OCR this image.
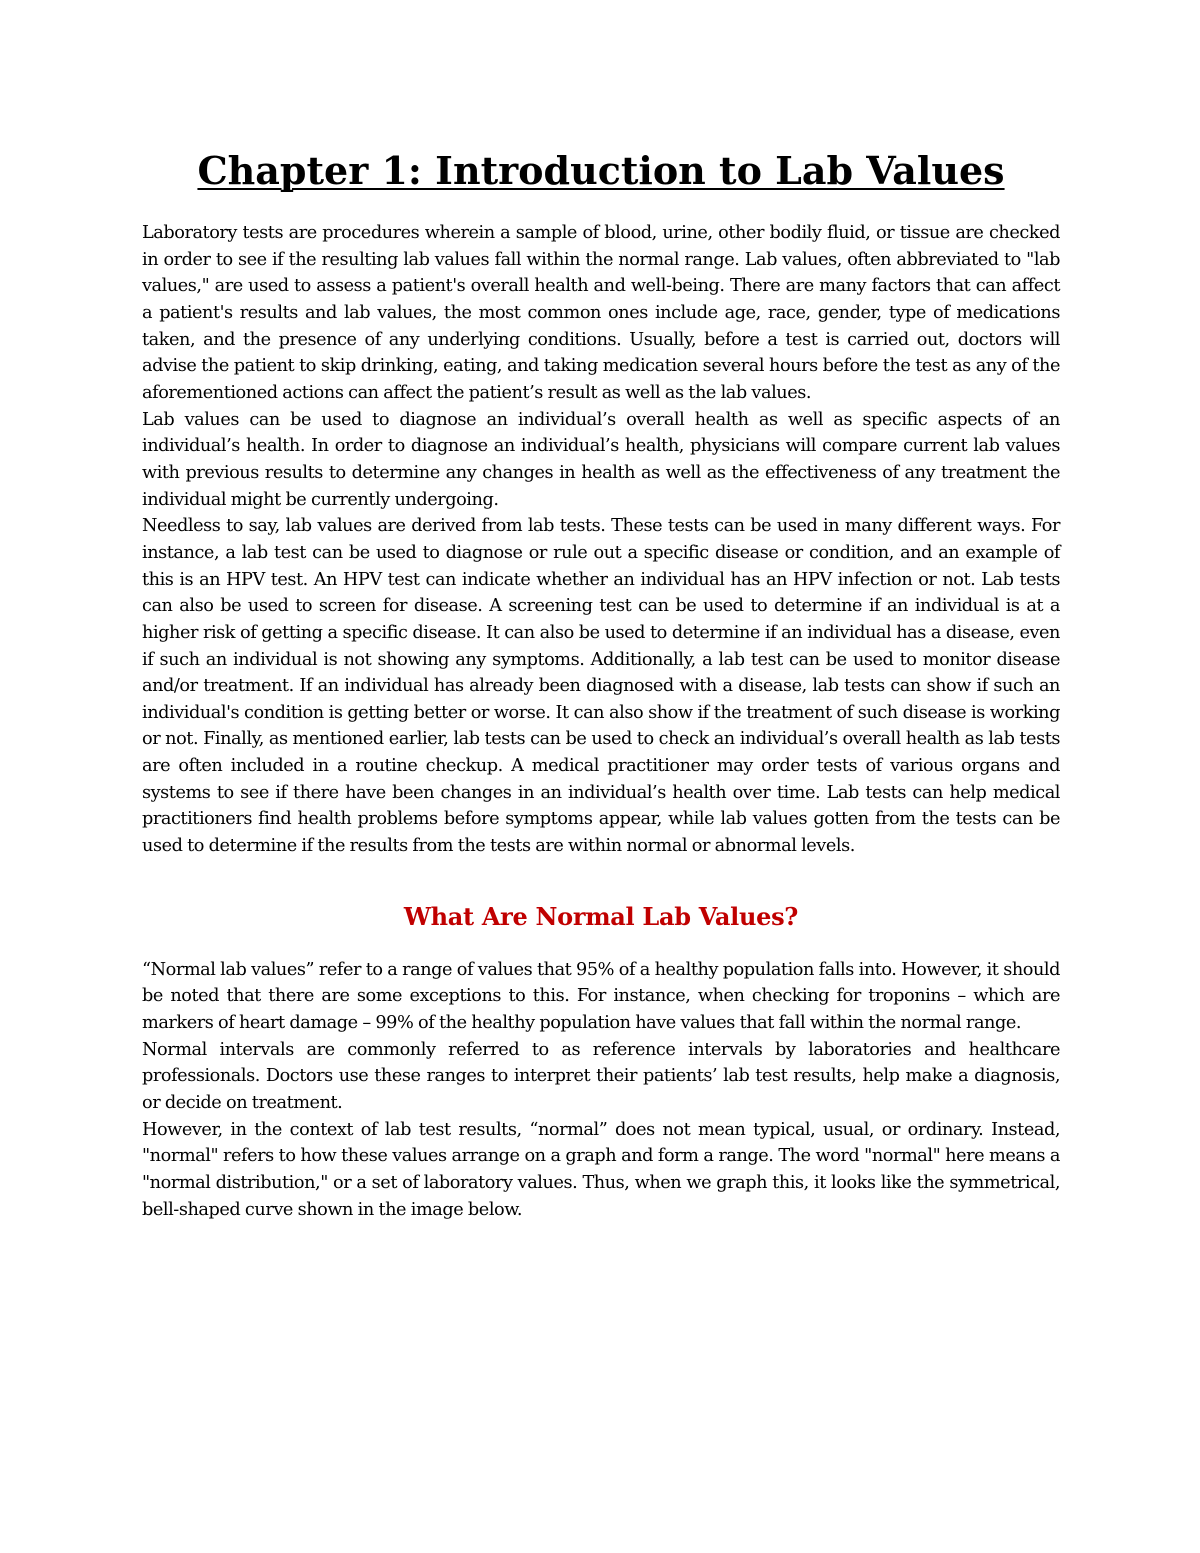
Chapter 1: Introduction to Lab Values

Laboratory tests are procedures wherein a sample of blood, urine, other bodily fluid, or tissue are checked in order to see if the resulting lab values fall within the normal range. Lab values, often abbreviated to "lab values," are used to assess a patient's overall health and well-being. There are many factors that can affect a patient's results and lab values, the most common ones include age, race, gender, type of medications taken, and the presence of any underlying conditions. Usually, before a test is carried out, doctors will advise the patient to skip drinking, eating, and taking medication several hours before the test as any of the aforementioned actions can affect the patient’s result as well as the lab values.

Lab values can be used to diagnose an individual’s overall health as well as specific aspects of an individual’s health. In order to diagnose an individual’s health, physicians will compare current lab values with previous results to determine any changes in health as well as the effectiveness of any treatment the individual might be currently undergoing.

Needless to say, lab values are derived from lab tests. These tests can be used in many different ways. For instance, a lab test can be used to diagnose or rule out a specific disease or condition, and an example of this is an HPV test. An HPV test can indicate whether an individual has an HPV infection or not. Lab tests can also be used to screen for disease. A screening test can be used to determine if an individual is at a higher risk of getting a specific disease. It can also be used to determine if an individual has a disease, even if such an individual is not showing any symptoms. Additionally, a lab test can be used to monitor disease and/or treatment. If an individual has already been diagnosed with a disease, lab tests can show if such an individual's condition is getting better or worse. It can also show if the treatment of such disease is working or not. Finally, as mentioned earlier, lab tests can be used to check an individual’s overall health as lab tests are often included in a routine checkup. A medical practitioner may order tests of various organs and systems to see if there have been changes in an individual’s health over time. Lab tests can help medical practitioners find health problems before symptoms appear, while lab values gotten from the tests can be used to determine if the results from the tests are within normal or abnormal levels.

What Are Normal Lab Values?

“Normal lab values” refer to a range of values that 95% of a healthy population falls into. However, it should be noted that there are some exceptions to this. For instance, when checking for troponins – which are markers of heart damage – 99% of the healthy population have values that fall within the normal range.

Normal intervals are commonly referred to as reference intervals by laboratories and healthcare professionals. Doctors use these ranges to interpret their patients’ lab test results, help make a diagnosis, or decide on treatment.

However, in the context of lab test results, “normal” does not mean typical, usual, or ordinary. Instead, "normal" refers to how these values arrange on a graph and form a range. The word "normal" here means a "normal distribution," or a set of laboratory values. Thus, when we graph this, it looks like the symmetrical, bell-shaped curve shown in the image below.
